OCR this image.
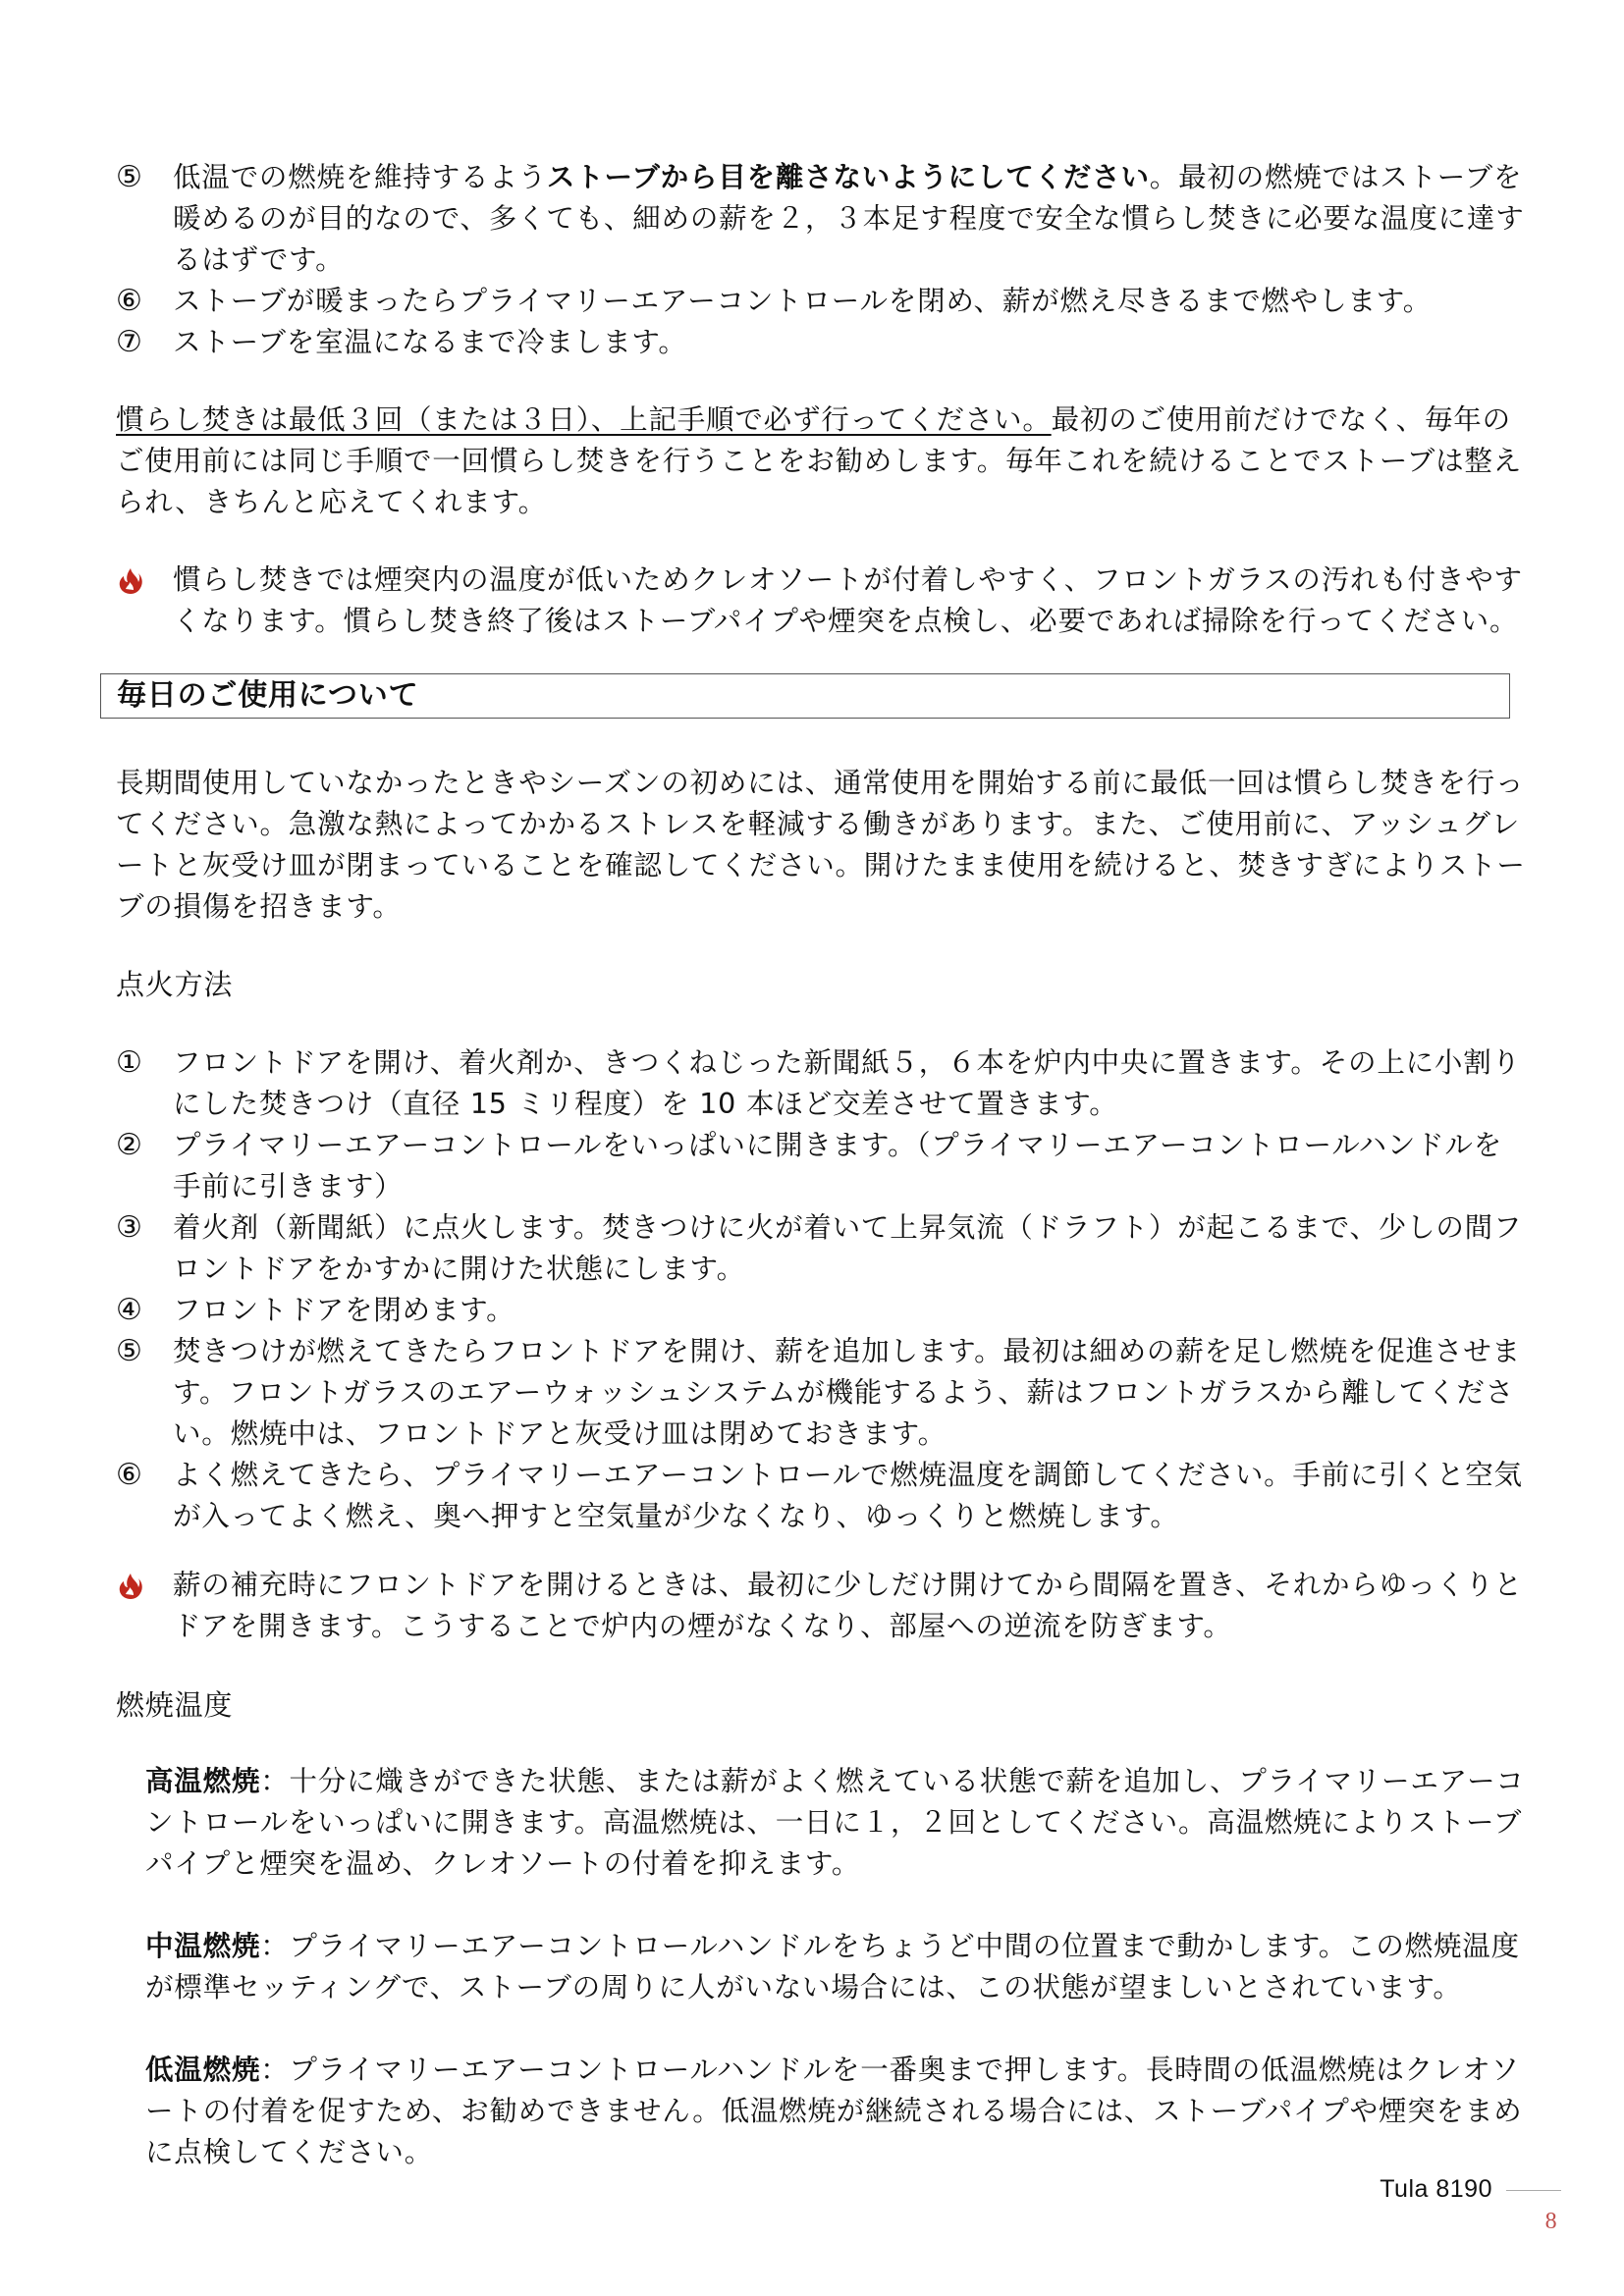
⑤	低温での燃焼を維持するようストーブから目を離さないようにしてください。最初の燃焼ではストーブを
暖めるのが目的なので、多くても、細めの薪を２，３本足す程度で安全な慣らし焚きに必要な温度に達す
るはずです。
⑥	ストーブが暖まったらプライマリーエアーコントロールを閉め、薪が燃え尽きるまで燃やします。
⑦	ストーブを室温になるまで冷まします。
慣らし焚きは最低３回（または３日）、上記手順で必ず行ってください。最初のご使用前だけでなく、毎年の
ご使用前には同じ手順で一回慣らし焚きを行うことをお勧めします。毎年これを続けることでストーブは整え
られ、きちんと応えてくれます。
慣らし焚きでは煙突内の温度が低いためクレオソートが付着しやすく、フロントガラスの汚れも付きやす
くなります。慣らし焚き終了後はストーブパイプや煙突を点検し、必要であれば掃除を行ってください。
毎日のご使用について
長期間使用していなかったときやシーズンの初めには、通常使用を開始する前に最低一回は慣らし焚きを行っ
てください。急激な熱によってかかるストレスを軽減する働きがあります。また、ご使用前に、アッシュグレ
ートと灰受け皿が閉まっていることを確認してください。開けたまま使用を続けると、焚きすぎによりストー
ブの損傷を招きます。
点火方法
①	フロントドアを開け、着火剤か、きつくねじった新聞紙５，６本を炉内中央に置きます。その上に小割り
にした焚きつけ（直径 15 ミリ程度）を 10 本ほど交差させて置きます。
②	プライマリーエアーコントロールをいっぱいに開きます。（プライマリーエアーコントロールハンドルを
手前に引きます）
③	着火剤（新聞紙）に点火します。焚きつけに火が着いて上昇気流（ドラフト）が起こるまで、少しの間フ
ロントドアをかすかに開けた状態にします。
④	フロントドアを閉めます。
⑤	焚きつけが燃えてきたらフロントドアを開け、薪を追加します。最初は細めの薪を足し燃焼を促進させま
す。フロントガラスのエアーウォッシュシステムが機能するよう、薪はフロントガラスから離してくださ
い。燃焼中は、フロントドアと灰受け皿は閉めておきます。
⑥	よく燃えてきたら、プライマリーエアーコントロールで燃焼温度を調節してください。手前に引くと空気
が入ってよく燃え、奥へ押すと空気量が少なくなり、ゆっくりと燃焼します。
薪の補充時にフロントドアを開けるときは、最初に少しだけ開けてから間隔を置き、それからゆっくりと
ドアを開きます。こうすることで炉内の煙がなくなり、部屋への逆流を防ぎます。
燃焼温度
高温燃焼：十分に熾きができた状態、または薪がよく燃えている状態で薪を追加し、プライマリーエアーコ
ントロールをいっぱいに開きます。高温燃焼は、一日に１，２回としてください。高温燃焼によりストーブ
パイプと煙突を温め、クレオソートの付着を抑えます。
中温燃焼：プライマリーエアーコントロールハンドルをちょうど中間の位置まで動かします。この燃焼温度
が標準セッティングで、ストーブの周りに人がいない場合には、この状態が望ましいとされています。
低温燃焼：プライマリーエアーコントロールハンドルを一番奥まで押します。長時間の低温燃焼はクレオソ
ートの付着を促すため、お勧めできません。低温燃焼が継続される場合には、ストーブパイプや煙突をまめ
に点検してください。
Tula 8190
8
